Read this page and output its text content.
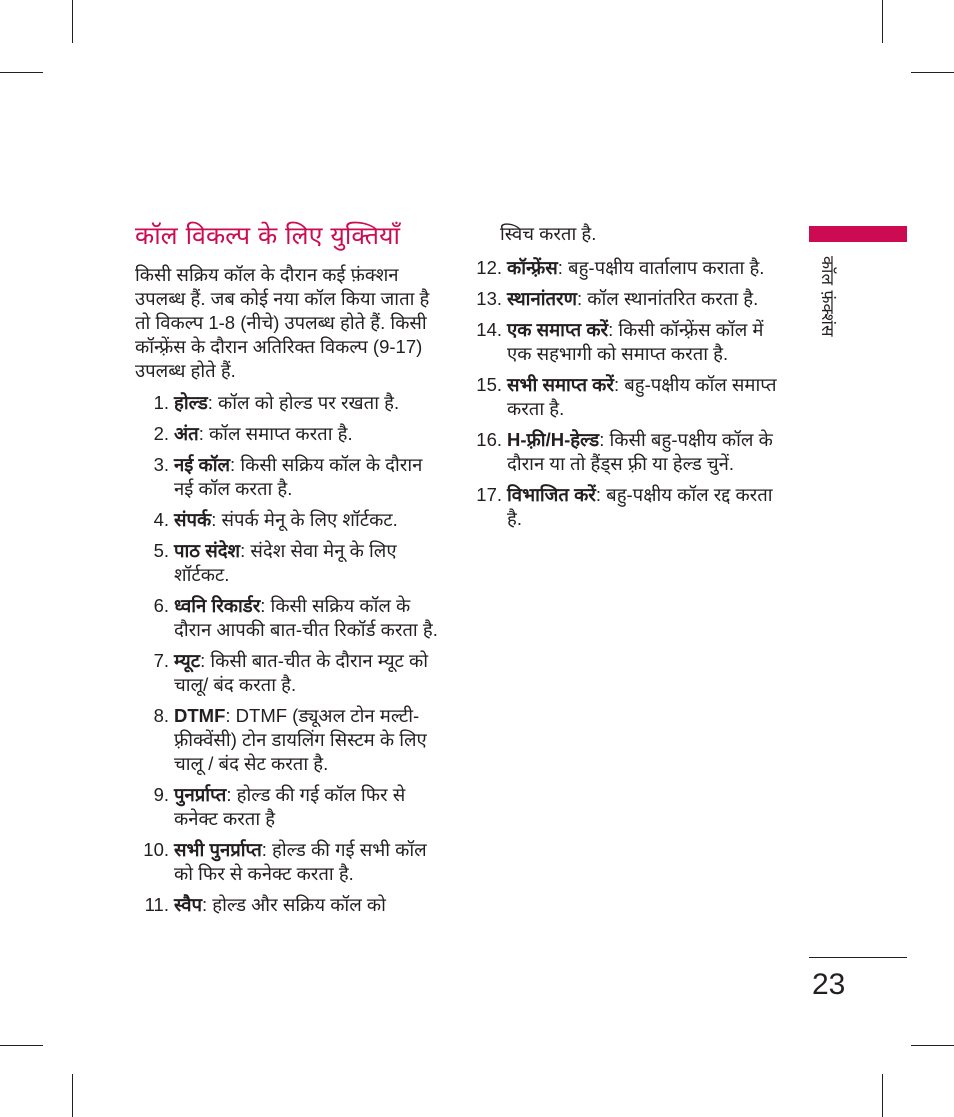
कॉल फ़ंक्शंस
कॉल विकल्प के लिए युक्तियाँ

किसी सक्रिय कॉल के दौरान कई फ़ंक्शन उपलब्ध हैं. जब कोई नया कॉल किया जाता है तो विकल्प 1-8 (नीचे) उपलब्ध होते हैं. किसी कॉन्फ़्रेंस के दौरान अतिरिक्त विकल्प (9-17) उपलब्ध होते हैं.

1. होल्ड: कॉल को होल्ड पर रखता है.
2. अंत: कॉल समाप्त करता है.
3. नई कॉल: किसी सक्रिय कॉल के दौरान नई कॉल करता है.
4. संपर्क: संपर्क मेनू के लिए शॉर्टकट.
5. पाठ संदेश: संदेश सेवा मेनू के लिए शॉर्टकट.
6. ध्वनि रिकार्डर: किसी सक्रिय कॉल के दौरान आपकी बात-चीत रिकॉर्ड करता है.
7. म्यूट: किसी बात-चीत के दौरान म्यूट को चालू/ बंद करता है.
8. DTMF: DTMF (ड्यूअल टोन मल्टी-फ़्रीक्वेंसी) टोन डायलिंग सिस्टम के लिए चालू / बंद सेट करता है.
9. पुनर्प्राप्त: होल्ड की गई कॉल फिर से कनेक्ट करता है
10. सभी पुनर्प्राप्त: होल्ड की गई सभी कॉल को फिर से कनेक्ट करता है.
11. स्वैप: होल्ड और सक्रिय कॉल को
स्विच करता है.
12. कॉन्फ़्रेंस: बहु-पक्षीय वार्तालाप कराता है.
13. स्थानांतरण: कॉल स्थानांतरित करता है.
14. एक समाप्त करें: किसी कॉन्फ़्रेंस कॉल में एक सहभागी को समाप्त करता है.
15. सभी समाप्त करें: बहु-पक्षीय कॉल समाप्त करता है.
16. H-फ़्री/H-हेल्ड: किसी बहु-पक्षीय कॉल के दौरान या तो हैंड्स फ़्री या हेल्ड चुनें.
17. विभाजित करें: बहु-पक्षीय कॉल रद्द करता है.
23
